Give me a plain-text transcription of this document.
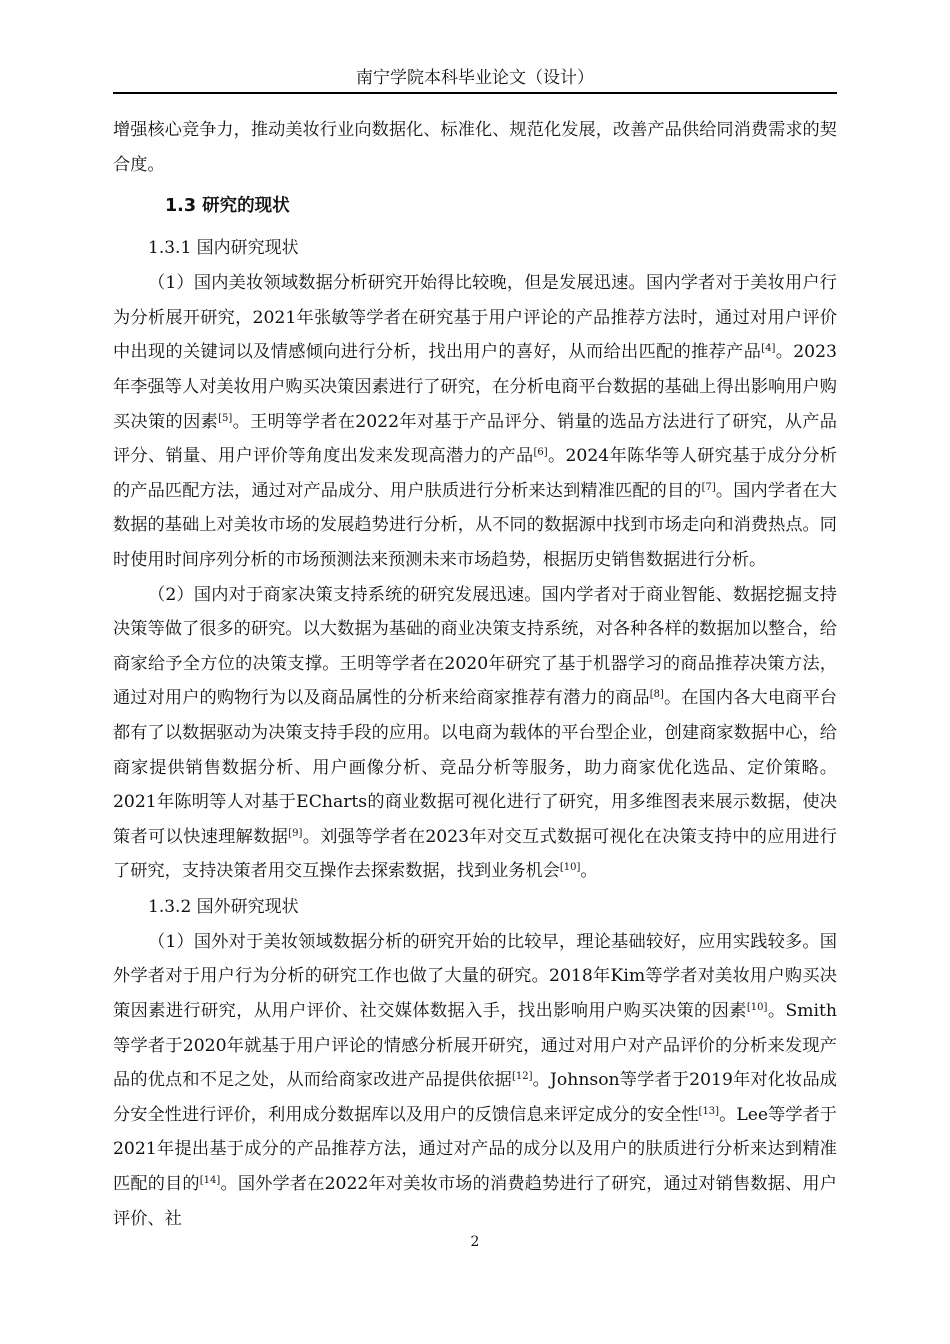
南宁学院本科毕业论文（设计）

增强核心竞争力，推动美妆行业向数据化、标准化、规范化发展，改善产品供给同消费需求的契合度。

1.3 研究的现状
1.3.1 国内研究现状

（1）国内美妆领域数据分析研究开始得比较晚，但是发展迅速。国内学者对于美妆用户行为分析展开研究，2021年张敏等学者在研究基于用户评论的产品推荐方法时，通过对用户评价中出现的关键词以及情感倾向进行分析，找出用户的喜好，从而给出匹配的推荐产品[4]。2023年李强等人对美妆用户购买决策因素进行了研究，在分析电商平台数据的基础上得出影响用户购买决策的因素[5]。王明等学者在2022年对基于产品评分、销量的选品方法进行了研究，从产品评分、销量、用户评价等角度出发来发现高潜力的产品[6]。2024年陈华等人研究基于成分分析的产品匹配方法，通过对产品成分、用户肤质进行分析来达到精准匹配的目的[7]。国内学者在大数据的基础上对美妆市场的发展趋势进行分析，从不同的数据源中找到市场走向和消费热点。同时使用时间序列分析的市场预测法来预测未来市场趋势，根据历史销售数据进行分析。

（2）国内对于商家决策支持系统的研究发展迅速。国内学者对于商业智能、数据挖掘支持决策等做了很多的研究。以大数据为基础的商业决策支持系统，对各种各样的数据加以整合，给商家给予全方位的决策支撑。王明等学者在2020年研究了基于机器学习的商品推荐决策方法，通过对用户的购物行为以及商品属性的分析来给商家推荐有潜力的商品[8]。在国内各大电商平台都有了以数据驱动为决策支持手段的应用。以电商为载体的平台型企业，创建商家数据中心，给商家提供销售数据分析、用户画像分析、竞品分析等服务，助力商家优化选品、定价策略。2021年陈明等人对基于ECharts的商业数据可视化进行了研究，用多维图表来展示数据，使决策者可以快速理解数据[9]。刘强等学者在2023年对交互式数据可视化在决策支持中的应用进行了研究，支持决策者用交互操作去探索数据，找到业务机会[10]。

1.3.2 国外研究现状

（1）国外对于美妆领域数据分析的研究开始的比较早，理论基础较好，应用实践较多。国外学者对于用户行为分析的研究工作也做了大量的研究。2018年Kim等学者对美妆用户购买决策因素进行研究，从用户评价、社交媒体数据入手，找出影响用户购买决策的因素[10]。Smith等学者于2020年就基于用户评论的情感分析展开研究，通过对用户对产品评价的分析来发现产品的优点和不足之处，从而给商家改进产品提供依据[12]。Johnson等学者于2019年对化妆品成分安全性进行评价，利用成分数据库以及用户的反馈信息来评定成分的安全性[13]。Lee等学者于2021年提出基于成分的产品推荐方法，通过对产品的成分以及用户的肤质进行分析来达到精准匹配的目的[14]。国外学者在2022年对美妆市场的消费趋势进行了研究，通过对销售数据、用户评价、社

2
